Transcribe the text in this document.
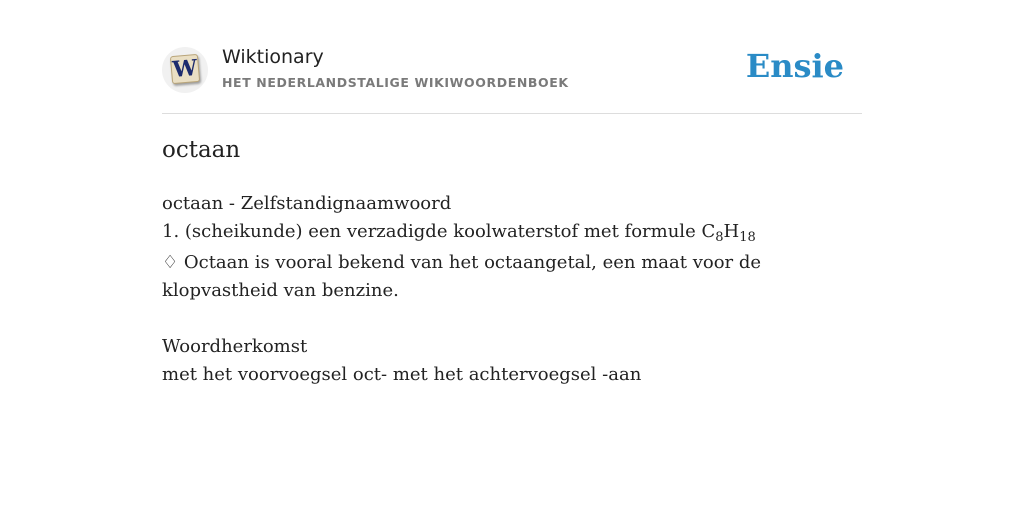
W Wiktionary
HET NEDERLANDSTALIGE WIKIWOORDENBOEK	Ensie
octaan

octaan - Zelfstandignaamwoord

1. (scheikunde) een verzadigde koolwaterstof met formule $C_8H_{18}$

♢ Octaan is vooral bekend van het octaangetal, een maat voor de klopvastheid van benzine.

Woordherkomst

met het voorvoegsel oct- met het achtervoegsel -aan
